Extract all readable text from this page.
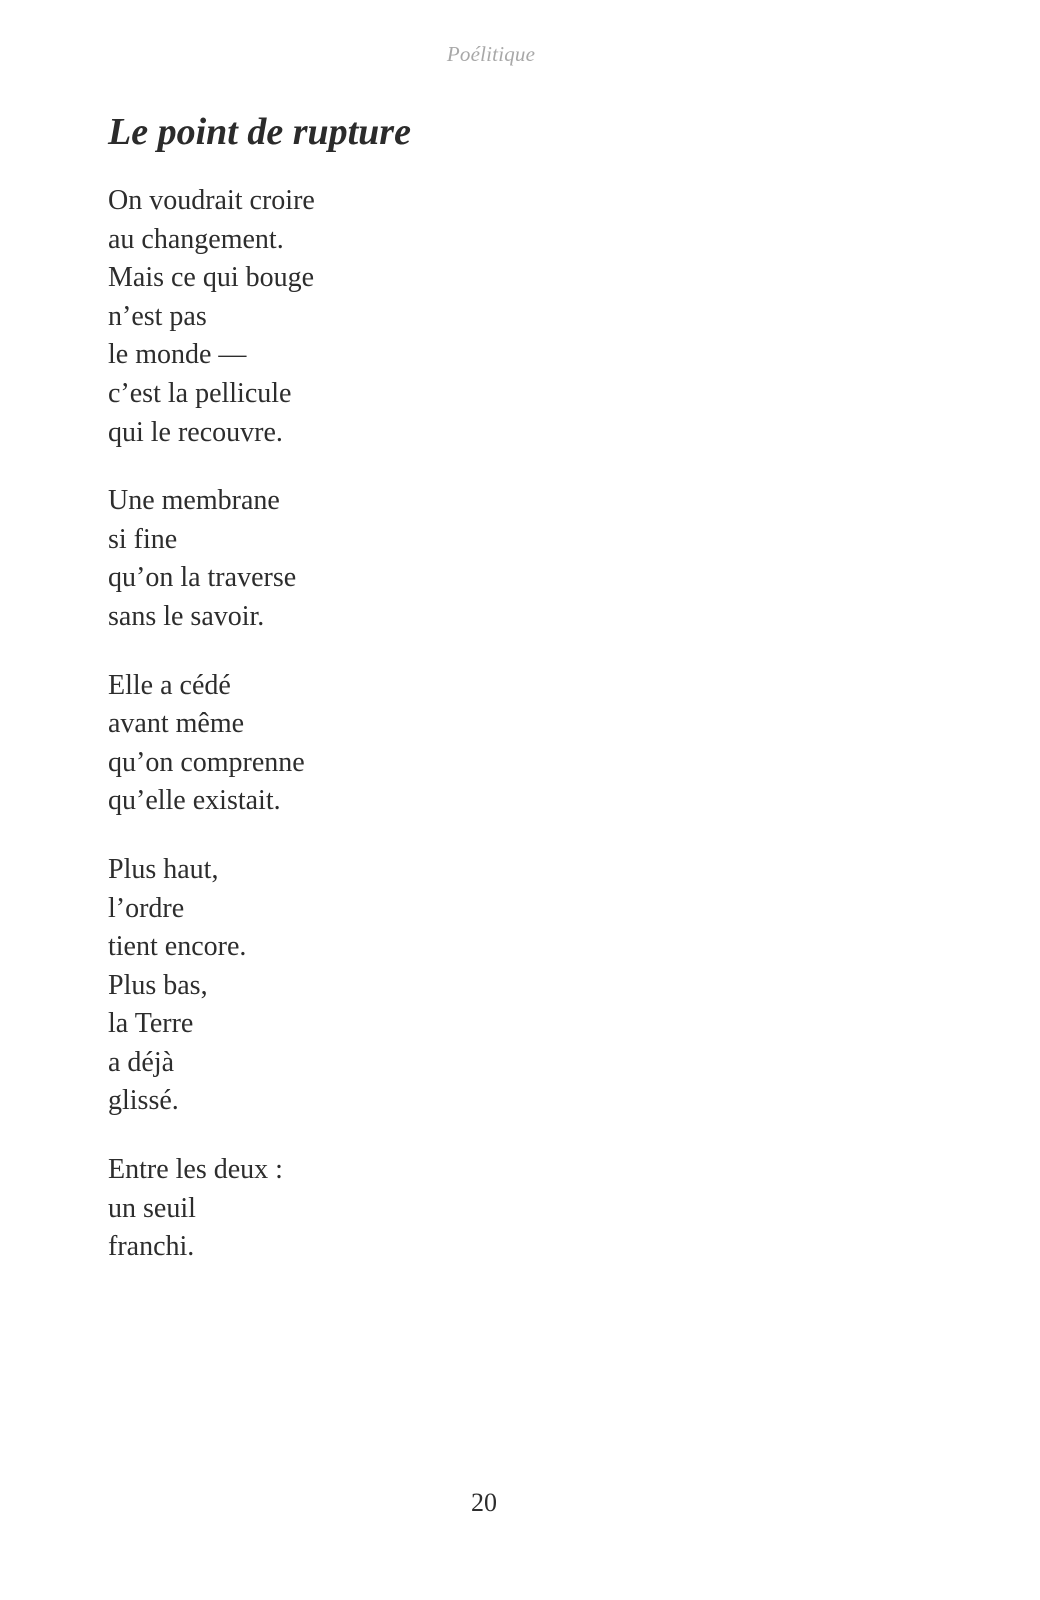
Poélitique
Le point de rupture
On voudrait croire
au changement.
Mais ce qui bouge
n’est pas
le monde —
c’est la pellicule
qui le recouvre.
Une membrane
si fine
qu’on la traverse
sans le savoir.
Elle a cédé
avant même
qu’on comprenne
qu’elle existait.
Plus haut,
l’ordre
tient encore.
Plus bas,
la Terre
a déjà
glissé.
Entre les deux :
un seuil
franchi.
20
